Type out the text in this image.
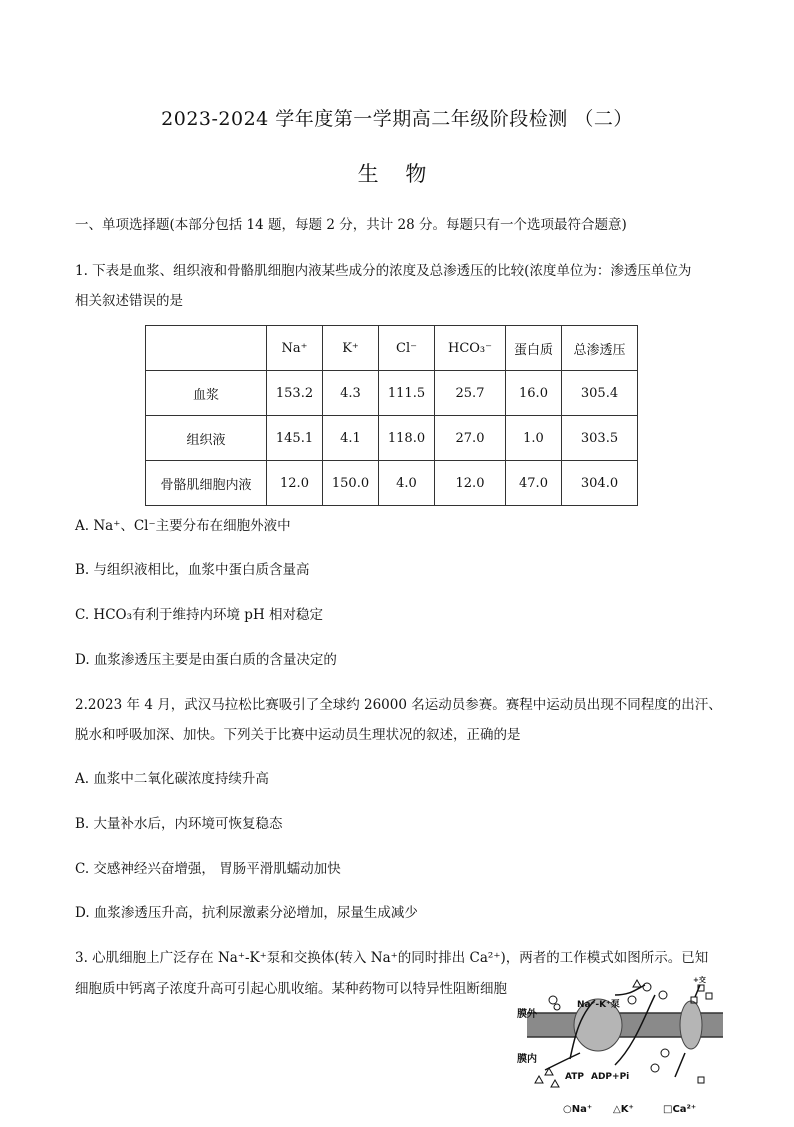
2023-2024 学年度第一学期高二年级阶段检测 （二）
生 物
一、单项选择题(本部分包括 14 题，每题 2 分，共计 28 分。每题只有一个选项最符合题意)
1. 下表是血浆、组织液和骨骼肌细胞内液某些成分的浓度及总渗透压的比较(浓度单位为：渗透压单位为
相关叙述错误的是
	Na⁺	K⁺	Cl⁻	HCO₃⁻	蛋白质	总渗透压
血浆	153.2	4.3	111.5	25.7	16.0	305.4
组织液	145.1	4.1	118.0	27.0	1.0	303.5
骨骼肌细胞内液	12.0	150.0	4.0	12.0	47.0	304.0
A. Na⁺、Cl⁻主要分布在细胞外液中
B. 与组织液相比，血浆中蛋白质含量高
C. HCO₃有利于维持内环境 pH 相对稳定
D. 血浆渗透压主要是由蛋白质的含量决定的
2.2023 年 4 月，武汉马拉松比赛吸引了全球约 26000 名运动员参赛。赛程中运动员出现不同程度的出汗、
脱水和呼吸加深、加快。下列关于比赛中运动员生理状况的叙述，正确的是
A. 血浆中二氧化碳浓度持续升高
B. 大量补水后，内环境可恢复稳态
C. 交感神经兴奋增强， 胃肠平滑肌蠕动加快
D. 血浆渗透压升高，抗利尿激素分泌增加，尿量生成减少
3. 心肌细胞上广泛存在 Na⁺-K⁺泵和交换体(转入 Na⁺的同时排出 Ca²⁺)，两者的工作模式如图所示。已知
细胞质中钙离子浓度升高可引起心肌收缩。某种药物可以特异性阻断细胞
膜外
膜内
Na⁺-K⁺泵
ATP ADP+Pi
+交
○Na⁺ △K⁺	□Ca²⁺
